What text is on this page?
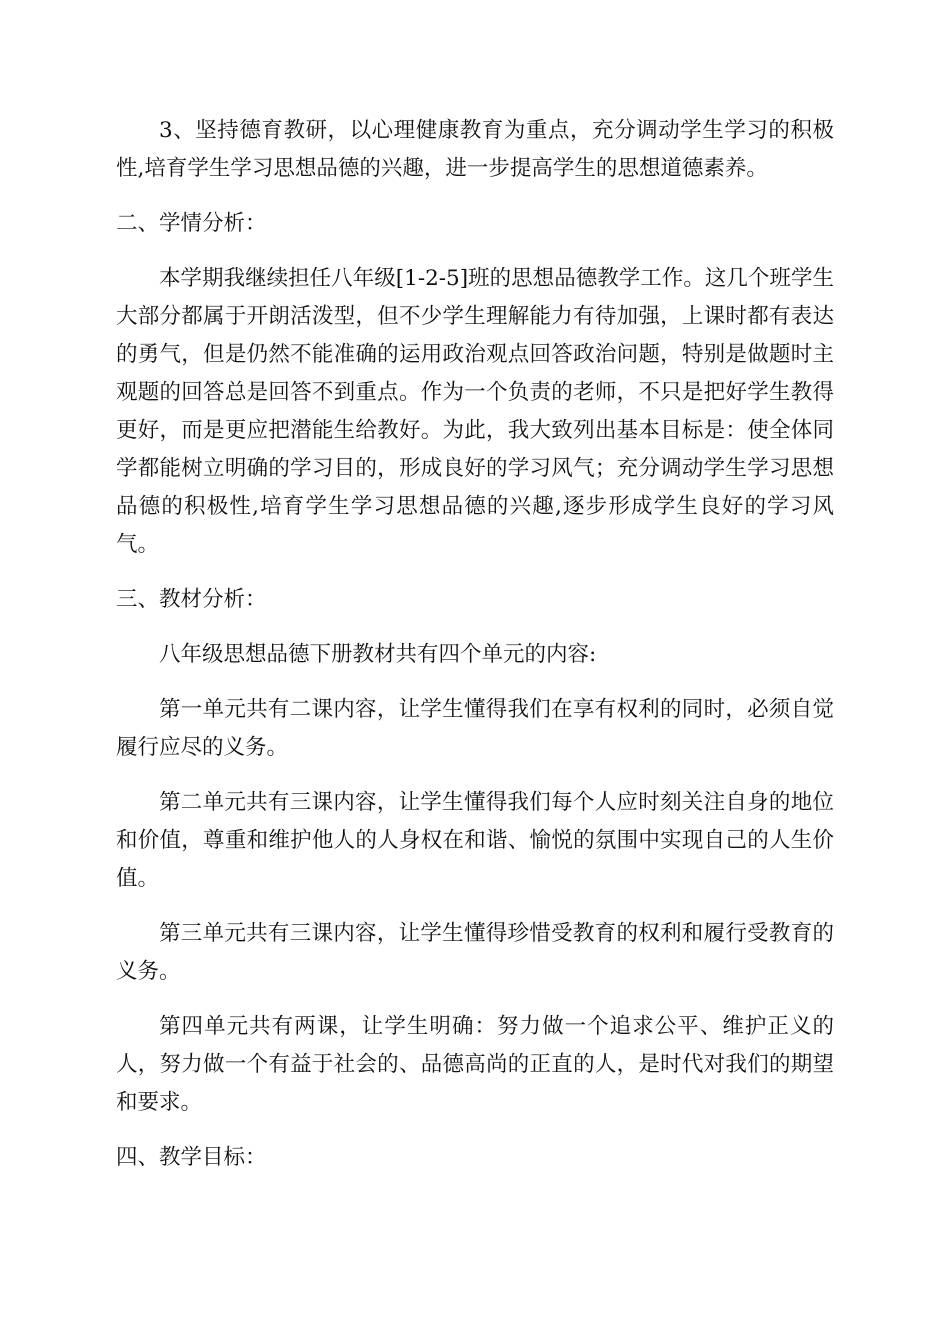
3、坚持德育教研，以心理健康教育为重点，充分调动学生学习的积极性,培育学生学习思想品德的兴趣，进一步提高学生的思想道德素养。

二、学情分析：

本学期我继续担任八年级[1-2-5]班的思想品德教学工作。这几个班学生大部分都属于开朗活泼型，但不少学生理解能力有待加强，上课时都有表达的勇气，但是仍然不能准确的运用政治观点回答政治问题，特别是做题时主观题的回答总是回答不到重点。作为一个负责的老师，不只是把好学生教得更好，而是更应把潜能生给教好。为此，我大致列出基本目标是：使全体同学都能树立明确的学习目的，形成良好的学习风气；充分调动学生学习思想品德的积极性,培育学生学习思想品德的兴趣,逐步形成学生良好的学习风气。

三、教材分析：

八年级思想品德下册教材共有四个单元的内容:

第一单元共有二课内容，让学生懂得我们在享有权利的同时，必须自觉履行应尽的义务。

第二单元共有三课内容，让学生懂得我们每个人应时刻关注自身的地位和价值，尊重和维护他人的人身权在和谐、愉悦的氛围中实现自己的人生价值。

第三单元共有三课内容，让学生懂得珍惜受教育的权利和履行受教育的义务。

第四单元共有两课，让学生明确：努力做一个追求公平、维护正义的人，努力做一个有益于社会的、品德高尚的正直的人，是时代对我们的期望和要求。

四、教学目标：
